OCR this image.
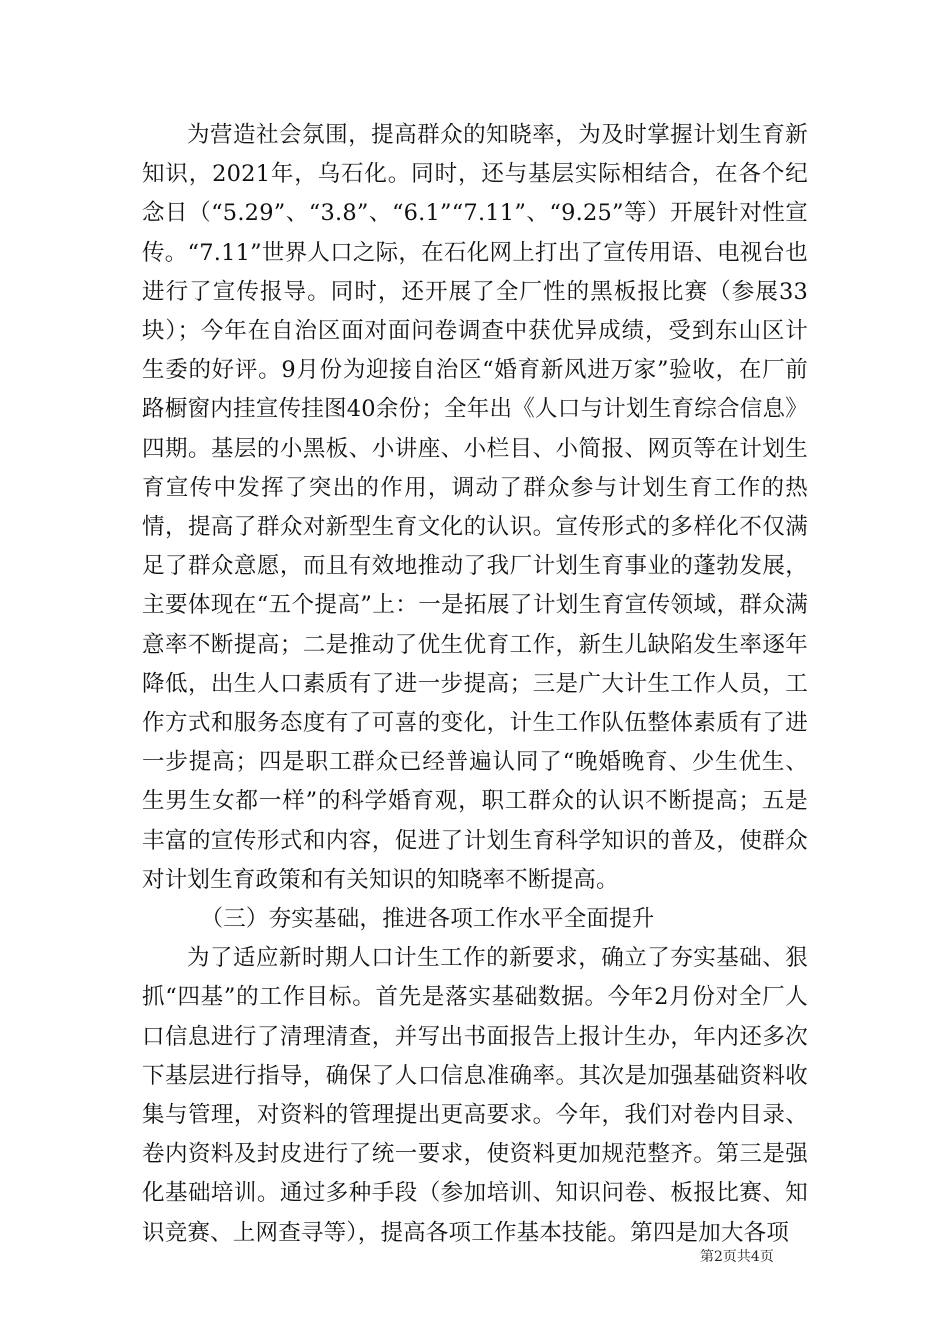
为营造社会氛围，提高群众的知晓率，为及时掌握计划生育新知识，2021年，乌石化。同时，还与基层实际相结合，在各个纪念日（“5.29”、“3.8”、“6.1”“7.11”、“9.25”等）开展针对性宣传。“7.11”世界人口之际，在石化网上打出了宣传用语、电视台也进行了宣传报导。同时，还开展了全厂性的黑板报比赛（参展33块）；今年在自治区面对面问卷调查中获优异成绩，受到东山区计生委的好评。9月份为迎接自治区“婚育新风进万家”验收，在厂前路橱窗内挂宣传挂图40余份；全年出《人口与计划生育综合信息》四期。基层的小黑板、小讲座、小栏目、小简报、网页等在计划生育宣传中发挥了突出的作用，调动了群众参与计划生育工作的热情，提高了群众对新型生育文化的认识。宣传形式的多样化不仅满足了群众意愿，而且有效地推动了我厂计划生育事业的蓬勃发展，主要体现在“五个提高”上：一是拓展了计划生育宣传领域，群众满意率不断提高；二是推动了优生优育工作，新生儿缺陷发生率逐年降低，出生人口素质有了进一步提高；三是广大计生工作人员，工作方式和服务态度有了可喜的变化，计生工作队伍整体素质有了进一步提高；四是职工群众已经普遍认同了“晚婚晚育、少生优生、生男生女都一样”的科学婚育观，职工群众的认识不断提高；五是丰富的宣传形式和内容，促进了计划生育科学知识的普及，使群众对计划生育政策和有关知识的知晓率不断提高。

（三）夯实基础，推进各项工作水平全面提升

为了适应新时期人口计生工作的新要求，确立了夯实基础、狠抓“四基”的工作目标。首先是落实基础数据。今年2月份对全厂人口信息进行了清理清查，并写出书面报告上报计生办，年内还多次下基层进行指导，确保了人口信息准确率。其次是加强基础资料收集与管理，对资料的管理提出更高要求。今年，我们对卷内目录、卷内资料及封皮进行了统一要求，使资料更加规范整齐。第三是强化基础培训。通过多种手段（参加培训、知识问卷、板报比赛、知识竞赛、上网查寻等），提高各项工作基本技能。第四是加大各项

第2页共4页
